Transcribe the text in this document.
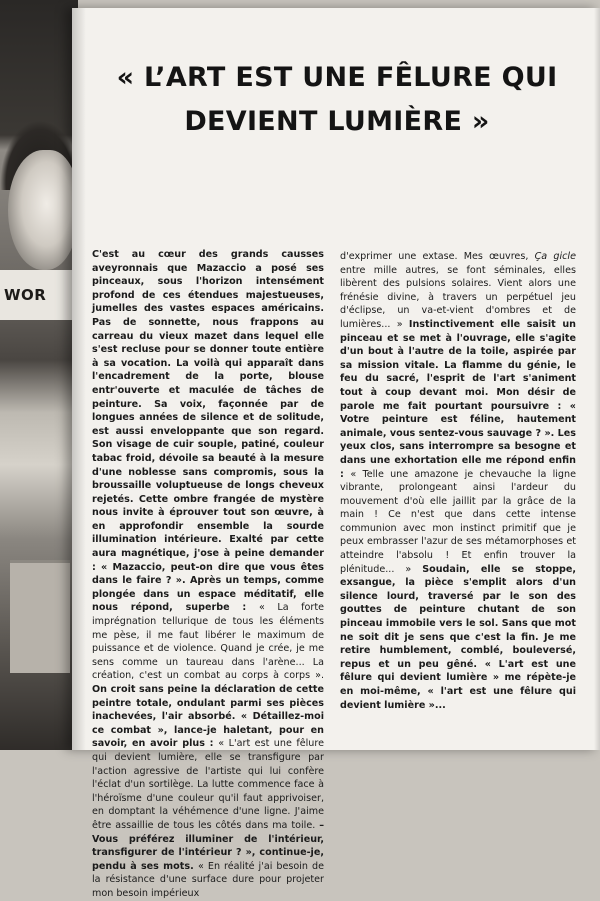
WOR
« L’ART EST UNE FÊLURE QUI DEVIENT LUMIÈRE »

C'est au cœur des grands causses aveyronnais que Mazaccio a posé ses pinceaux, sous l'horizon intensément profond de ces étendues majestueuses, jumelles des vastes espaces américains. Pas de sonnette, nous frappons au carreau du vieux mazet dans lequel elle s'est recluse pour se donner toute entière à sa vocation. La voilà qui apparaît dans l'encadrement de la porte, blouse entr'ouverte et maculée de tâches de peinture. Sa voix, façonnée par de longues années de silence et de solitude, est aussi enveloppante que son regard. Son visage de cuir souple, patiné, couleur tabac froid, dévoile sa beauté à la mesure d'une noblesse sans compromis, sous la broussaille voluptueuse de longs cheveux rejetés. Cette ombre frangée de mystère nous invite à éprouver tout son œuvre, à en approfondir ensemble la sourde illumination intérieure. Exalté par cette aura magnétique, j'ose à peine demander : « Mazaccio, peut-on dire que vous êtes dans le faire ? ». Après un temps, comme plongée dans un espace méditatif, elle nous répond, superbe : « La forte imprégnation tellurique de tous les éléments me pèse, il me faut libérer le maximum de puissance et de violence. Quand je crée, je me sens comme un taureau dans l'arène... La création, c'est un combat au corps à corps ». On croit sans peine la déclaration de cette peintre totale, ondulant parmi ses pièces inachevées, l'air absorbé. « Détaillez-moi ce combat », lance-je haletant, pour en savoir, en avoir plus : « L'art est une fêlure qui devient lumière, elle se transfigure par l'action agressive de l'artiste qui lui confère l'éclat d'un sortilège. La lutte commence face à l'héroïsme d'une couleur qu'il faut apprivoiser, en domptant la véhémence d'une ligne. J'aime être assaillie de tous les côtés dans ma toile. – Vous préférez illuminer de l'intérieur, transfigurer de l'intérieur ? », continue-je, pendu à ses mots. « En réalité j'ai besoin de la résistance d'une surface dure pour projeter mon besoin impérieux

d'exprimer une extase. Mes œuvres, Ça gicle entre mille autres, se font séminales, elles libèrent des pulsions solaires. Vient alors une frénésie divine, à travers un perpétuel jeu d'éclipse, un va-et-vient d'ombres et de lumières... » Instinctivement elle saisit un pinceau et se met à l'ouvrage, elle s'agite d'un bout à l'autre de la toile, aspirée par sa mission vitale. La flamme du génie, le feu du sacré, l'esprit de l'art s'animent tout à coup devant moi. Mon désir de parole me fait pourtant poursuivre : « Votre peinture est féline, hautement animale, vous sentez-vous sauvage ? ». Les yeux clos, sans interrompre sa besogne et dans une exhortation elle me répond enfin : « Telle une amazone je chevauche la ligne vibrante, prolongeant ainsi l'ardeur du mouvement d'où elle jaillit par la grâce de la main ! Ce n'est que dans cette intense communion avec mon instinct primitif que je peux embrasser l'azur de ses métamorphoses et atteindre l'absolu ! Et enfin trouver la plénitude... » Soudain, elle se stoppe, exsangue, la pièce s'emplit alors d'un silence lourd, traversé par le son des gouttes de peinture chutant de son pinceau immobile vers le sol. Sans que mot ne soit dit je sens que c'est la fin. Je me retire humblement, comblé, bouleversé, repus et un peu gêné. « L'art est une fêlure qui devient lumière » me répète-je en moi-même, « l'art est une fêlure qui devient lumière »...
